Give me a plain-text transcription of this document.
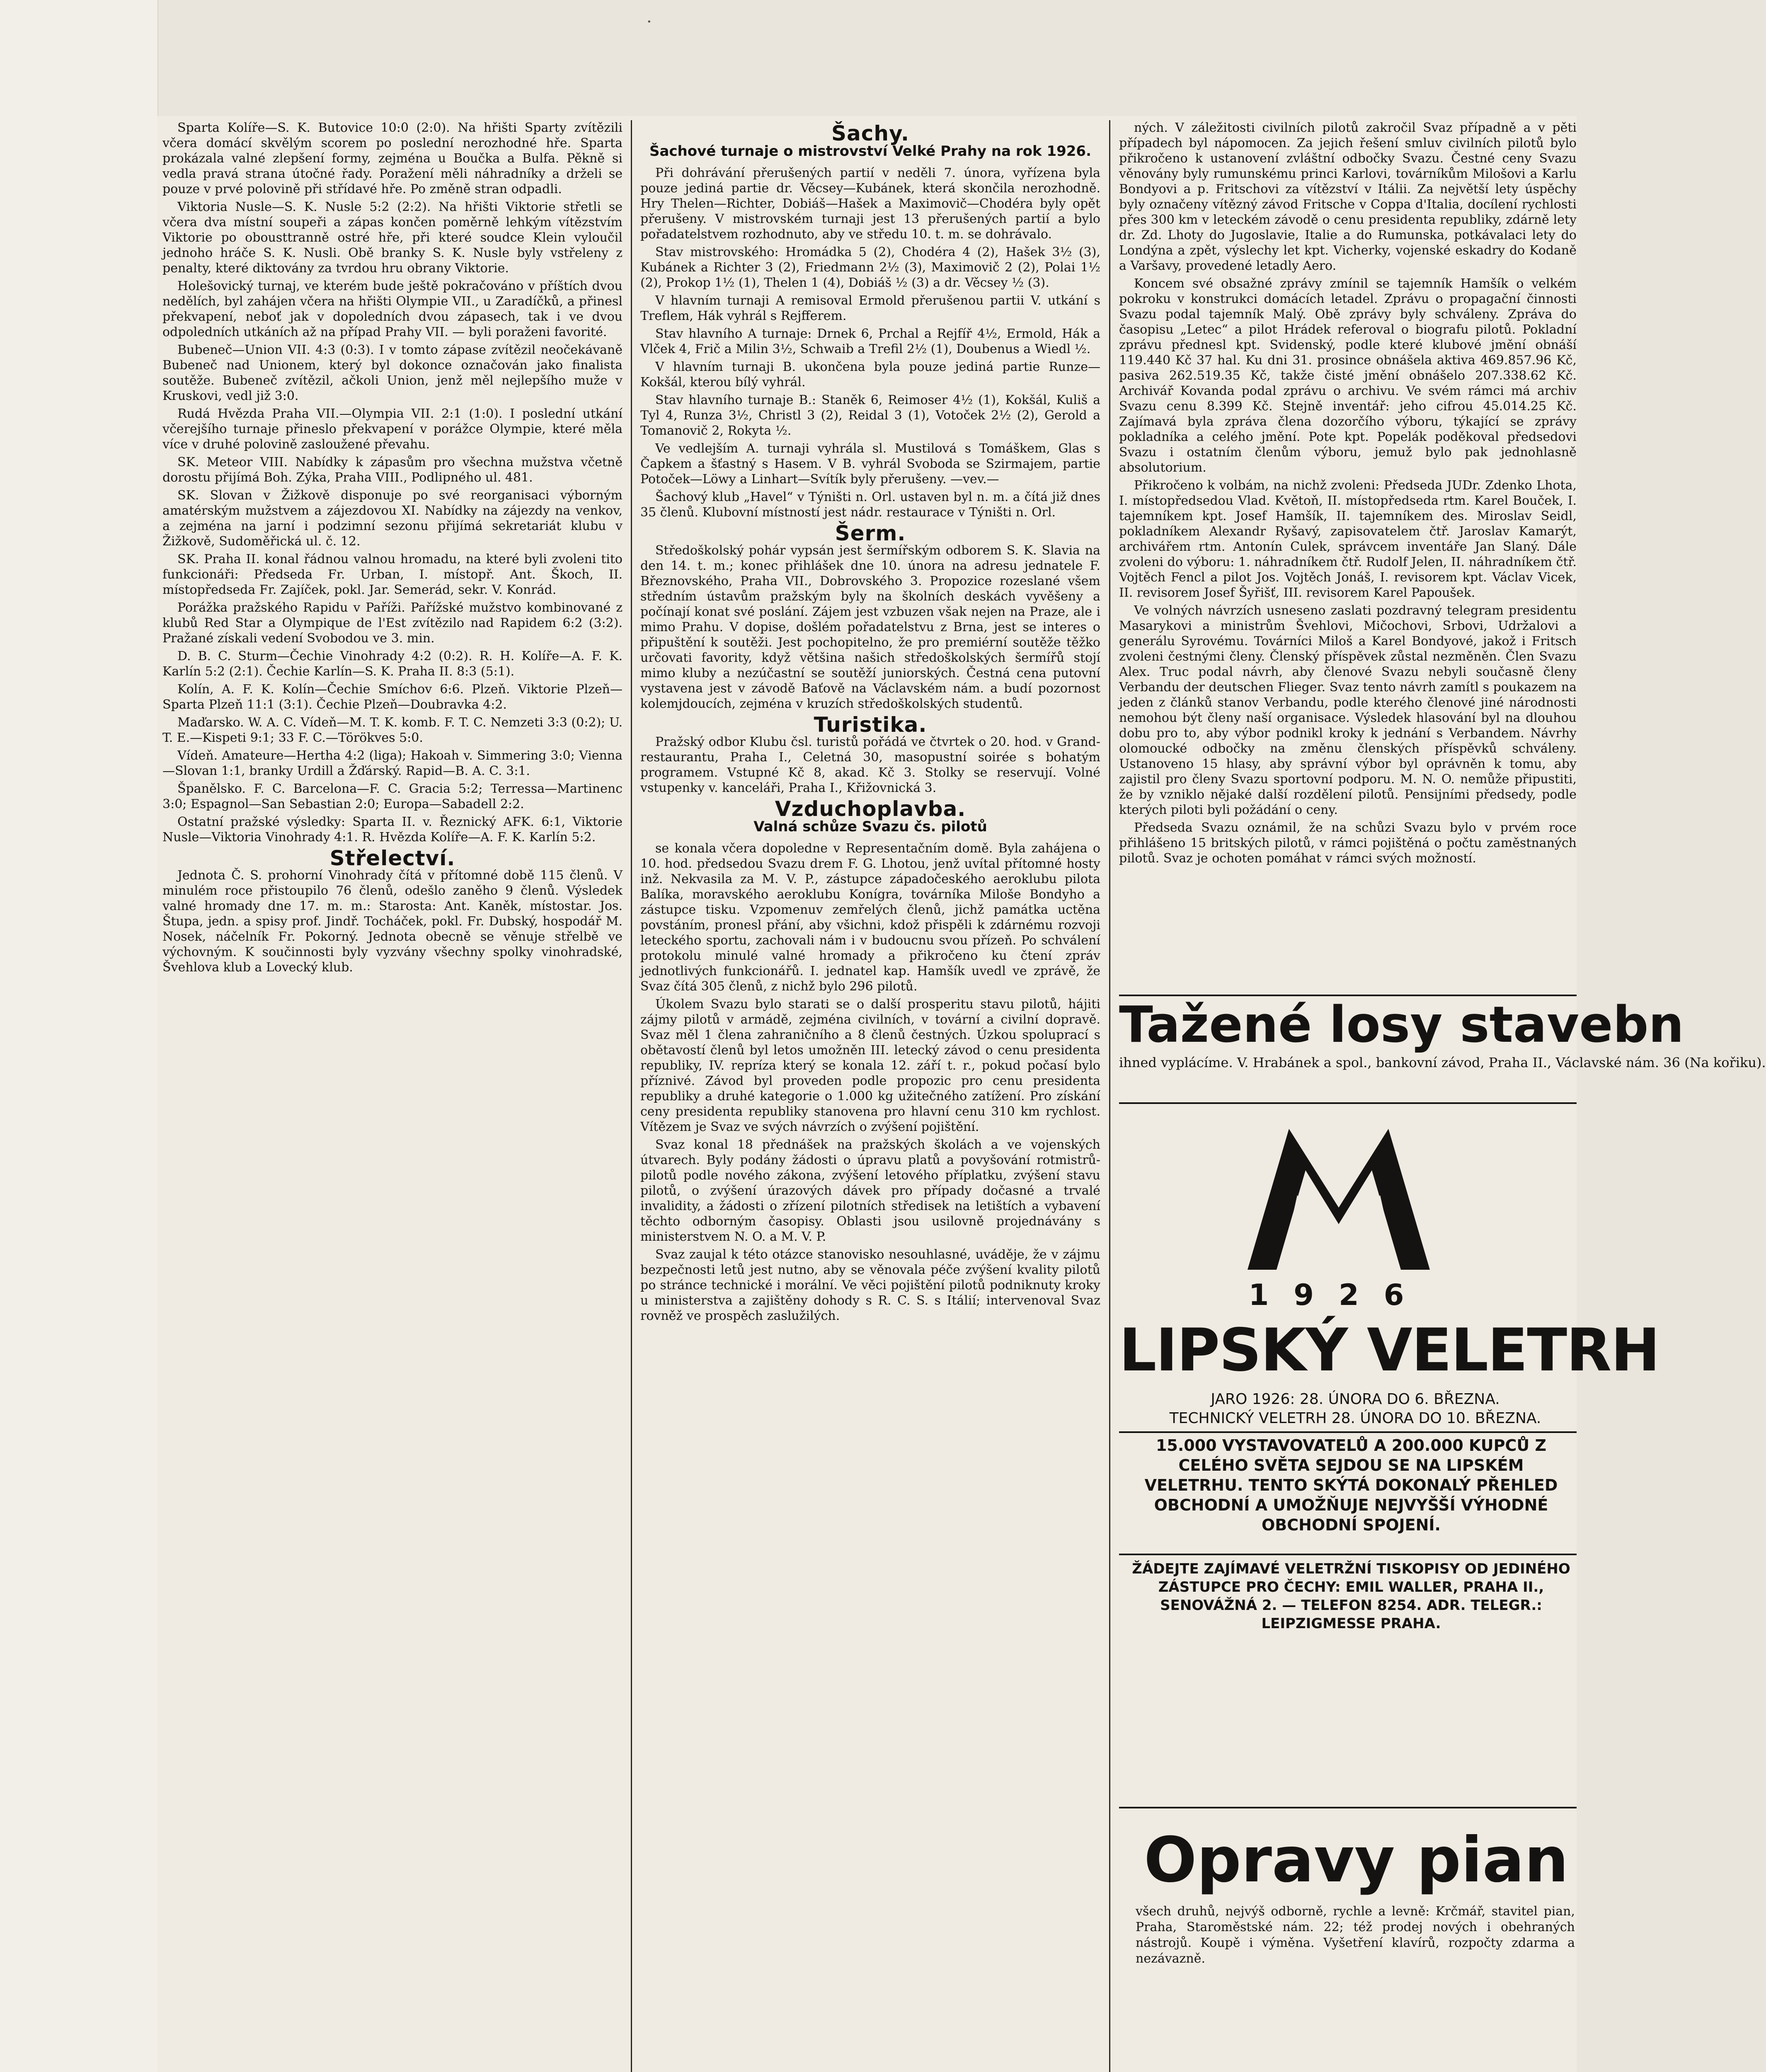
·

Sparta Kolíře—S. K. Butovice 10:0 (2:0). Na hřišti Sparty zvítězili včera domácí skvělým scorem po poslední nerozhodné hře. Sparta prokázala valné zlepšení formy, zejména u Boučka a Bulfa. Pěkně si vedla pravá strana útočné řady. Poražení měli náhradníky a drželi se pouze v prvé polovině při střídavé hře. Po změně stran odpadli.

Viktoria Nusle—S. K. Nusle 5:2 (2:2). Na hřišti Viktorie střetli se včera dva místní soupeři a zápas končen poměrně lehkým vítězstvím Viktorie po obousttranně ostré hře, při které soudce Klein vyloučil jednoho hráče S. K. Nusli. Obě branky S. K. Nusle byly vstřeleny z penalty, které diktovány za tvrdou hru obrany Viktorie.

Holešovický turnaj, ve kterém bude ještě pokračováno v příštích dvou nedělích, byl zahájen včera na hřišti Olympie VII., u Zaradíčků, a přinesl překvapení, neboť jak v dopoledních dvou zápasech, tak i ve dvou odpoledních utkáních až na případ Prahy VII. — byli poraženi favorité.

Bubeneč—Union VII. 4:3 (0:3). I v tomto zápase zvítězil neočekávaně Bubeneč nad Unionem, který byl dokonce označován jako finalista soutěže. Bubeneč zvítězil, ačkoli Union, jenž měl nejlepšího muže v Kruskovi, vedl již 3:0.

Rudá Hvězda Praha VII.—Olympia VII. 2:1 (1:0). I poslední utkání včerejšího turnaje přineslo překvapení v porážce Olympie, které měla více v druhé polovině zasloužené převahu.

SK. Meteor VIII. Nabídky k zápasům pro všechna mužstva včetně dorostu přijímá Boh. Zýka, Praha VIII., Podlipného ul. 481.

SK. Slovan v Žižkově disponuje po své reorganisaci výborným amatérským mužstvem a zájezdovou XI. Nabídky na zájezdy na venkov, a zejména na jarní i podzimní sezonu přijímá sekretariát klubu v Žižkově, Sudoměřická ul. č. 12.

SK. Praha II. konal řádnou valnou hromadu, na které byli zvoleni tito funkcionáři: Předseda Fr. Urban, I. místopř. Ant. Škoch, II. místopředseda Fr. Zajíček, pokl. Jar. Semerád, sekr. V. Konrád.

Porážka pražského Rapidu v Paříži. Pařížské mužstvo kombinované z klubů Red Star a Olympique de l'Est zvítězilo nad Rapidem 6:2 (3:2). Pražané získali vedení Svobodou ve 3. min.

D. B. C. Sturm—Čechie Vinohrady 4:2 (0:2). R. H. Kolíře—A. F. K. Karlín 5:2 (2:1). Čechie Karlín—S. K. Praha II. 8:3 (5:1).

Kolín, A. F. K. Kolín—Čechie Smíchov 6:6. Plzeň. Viktorie Plzeň—Sparta Plzeň 11:1 (3:1). Čechie Plzeň—Doubravka 4:2.

Maďarsko. W. A. C. Vídeň—M. T. K. komb. F. T. C. Nemzeti 3:3 (0:2); U. T. E.—Kispeti 9:1; 33 F. C.—Törökves 5:0.

Vídeň. Amateure—Hertha 4:2 (liga); Hakoah v. Simmering 3:0; Vienna—Slovan 1:1, branky Urdill a Žďárský. Rapid—B. A. C. 3:1.

Španělsko. F. C. Barcelona—F. C. Gracia 5:2; Terressa—Martinenc 3:0; Espagnol—San Sebastian 2:0; Europa—Sabadell 2:2.

Ostatní pražské výsledky: Sparta II. v. Řeznický AFK. 6:1, Viktorie Nusle—Viktoria Vinohrady 4:1. R. Hvězda Kolíře—A. F. K. Karlín 5:2.

Střelectví.

Jednota Č. S. prohorní Vinohrady čítá v přítomné době 115 členů. V minulém roce přistoupilo 76 členů, odešlo zaněho 9 členů. Výsledek valné hromady dne 17. m. m.: Starosta: Ant. Kaněk, místostar. Jos. Štupa, jedn. a spisy prof. Jindř. Tocháček, pokl. Fr. Dubský, hospodář M. Nosek, náčelník Fr. Pokorný. Jednota obecně se věnuje střelbě ve výchovným. K součinnosti byly vyzvány všechny spolky vinohradské, Švehlova klub a Lovecký klub.

Šachy.
Šachové turnaje o mistrovství Velké Prahy na rok 1926.

Při dohrávání přerušených partií v neděli 7. února, vyřízena byla pouze jediná partie dr. Věcsey—Kubánek, která skončila nerozhodně. Hry Thelen—Richter, Dobiáš—Hašek a Maximovič—Chodéra byly opět přerušeny. V mistrovském turnaji jest 13 přerušených partií a bylo pořadatelstvem rozhodnuto, aby ve středu 10. t. m. se dohrávalo.

Stav mistrovského: Hromádka 5 (2), Chodéra 4 (2), Hašek 3½ (3), Kubánek a Richter 3 (2), Friedmann 2½ (3), Maximovič 2 (2), Polai 1½ (2), Prokop 1½ (1), Thelen 1 (4), Dobiáš ½ (3) a dr. Věcsey ½ (3).

V hlavním turnaji A remisoval Ermold přerušenou partii V. utkání s Treflem, Hák vyhrál s Rejfferem.

Stav hlavního A turnaje: Drnek 6, Prchal a Rejfíř 4½, Ermold, Hák a Vlček 4, Frič a Milin 3½, Schwaib a Trefil 2½ (1), Doubenus a Wiedl ½.

V hlavním turnaji B. ukončena byla pouze jediná partie Runze—Kokšál, kterou bílý vyhrál.

Stav hlavního turnaje B.: Staněk 6, Reimoser 4½ (1), Kokšál, Kuliš a Tyl 4, Runza 3½, Christl 3 (2), Reidal 3 (1), Votoček 2½ (2), Gerold a Tomanovič 2, Rokyta ½.

Ve vedlejším A. turnaji vyhrála sl. Mustilová s Tomáškem, Glas s Čapkem a šťastný s Hasem. V B. vyhrál Svoboda se Szirmajem, partie Potoček—Löwy a Linhart—Svítík byly přerušeny. —vev.—

Šachový klub „Havel“ v Týništi n. Orl. ustaven byl n. m. a čítá již dnes 35 členů. Klubovní místností jest nádr. restaurace v Týništi n. Orl.

Šerm.

Středoškolský pohár vypsán jest šermířským odborem S. K. Slavia na den 14. t. m.; konec přihlášek dne 10. února na adresu jednatele F. Březnovského, Praha VII., Dobrovského 3. Propozice rozeslané všem středním ústavům pražským byly na školních deskách vyvěšeny a počínají konat své poslání. Zájem jest vzbuzen však nejen na Praze, ale i mimo Prahu. V dopise, došlém pořadatelstvu z Brna, jest se interes o připuštění k soutěži. Jest pochopitelno, že pro premiérní soutěže těžko určovati favority, když většina našich středoškolských šermířů stojí mimo kluby a nezúčastní se soutěží juniorských. Čestná cena putovní vystavena jest v závodě Baťově na Václavském nám. a budí pozornost kolemjdoucích, zejména v kruzích středoškolských studentů.

Turistika.

Pražský odbor Klubu čsl. turistů pořádá ve čtvrtek o 20. hod. v Grand-restaurantu, Praha I., Celetná 30, masopustní soirée s bohatým programem. Vstupné Kč 8, akad. Kč 3. Stolky se reservují. Volné vstupenky v. kanceláři, Praha I., Křižovnická 3.

Vzduchoplavba.
Valná schůze Svazu čs. pilotů

se konala včera dopoledne v Representačním domě. Byla zahájena o 10. hod. předsedou Svazu drem F. G. Lhotou, jenž uvítal přítomné hosty inž. Nekvasila za M. V. P., zástupce západočeského aeroklubu pilota Balíka, moravského aeroklubu Konígra, továrníka Miloše Bondyho a zástupce tisku. Vzpomenuv zemřelých členů, jichž památka uctěna povstáním, pronesl přání, aby všichni, kdož přispěli k zdárnému rozvoji leteckého sportu, zachovali nám i v budoucnu svou přízeň. Po schválení protokolu minulé valné hromady a přikročeno ku čtení zpráv jednotlivých funkcionářů. I. jednatel kap. Hamšík uvedl ve zprávě, že Svaz čítá 305 členů, z nichž bylo 296 pilotů.

Úkolem Svazu bylo starati se o další prosperitu stavu pilotů, hájiti zájmy pilotů v armádě, zejména civilních, v tovární a civilní dopravě. Svaz měl 1 člena zahraničního a 8 členů čestných. Úzkou spoluprací s obětavostí členů byl letos umožněn III. letecký závod o cenu presidenta republiky, IV. repríza který se konala 12. září t. r., pokud počasí bylo příznivé. Závod byl proveden podle propozic pro cenu presidenta republiky a druhé kategorie o 1.000 kg užitečného zatížení. Pro získání ceny presidenta republiky stanovena pro hlavní cenu 310 km rychlost. Vítězem je Svaz ve svých návrzích o zvýšení pojištění.

Svaz konal 18 přednášek na pražských školách a ve vojenských útvarech. Byly podány žádosti o úpravu platů a povyšování rotmistrů-pilotů podle nového zákona, zvýšení letového příplatku, zvýšení stavu pilotů, o zvýšení úrazových dávek pro případy dočasné a trvalé invalidity, a žádosti o zřízení pilotních středisek na letištích a vybavení těchto odborným časopisy. Oblasti jsou usilovně projednávány s ministerstvem N. O. a M. V. P.

Svaz zaujal k této otázce stanovisko nesouhlasné, uváděje, že v zájmu bezpečnosti letů jest nutno, aby se věnovala péče zvýšení kvality pilotů po stránce technické i morální. Ve věci pojištění pilotů podniknuty kroky u ministerstva a zajištěny dohody s R. C. S. s Itálií; intervenoval Svaz rovněž ve prospěch zaslužilých.

ných. V záležitosti civilních pilotů zakročil Svaz případně a v pěti případech byl nápomocen. Za jejich řešení smluv civilních pilotů bylo přikročeno k ustanovení zvláštní odbočky Svazu. Čestné ceny Svazu věnovány byly rumunskému princi Karlovi, továrníkům Milošovi a Karlu Bondyovi a p. Fritschovi za vítězství v Itálii. Za největší lety úspěchy byly označeny vítězný závod Fritsche v Coppa d'Italia, docílení rychlosti přes 300 km v leteckém závodě o cenu presidenta republiky, zdárně lety dr. Zd. Lhoty do Jugoslavie, Italie a do Rumunska, potkávalaci lety do Londýna a zpět, výslechy let kpt. Vicherky, vojenské eskadry do Kodaně a Varšavy, provedené letadly Aero.

Koncem své obsažné zprávy zmínil se tajemník Hamšík o velkém pokroku v konstrukci domácích letadel. Zprávu o propagační činnosti Svazu podal tajemník Malý. Obě zprávy byly schváleny. Zpráva do časopisu „Letec“ a pilot Hrádek referoval o biografu pilotů. Pokladní zprávu přednesl kpt. Svidenský, podle které klubové jmění obnáší 119.440 Kč 37 hal. Ku dni 31. prosince obnášela aktiva 469.857.96 Kč, pasiva 262.519.35 Kč, takže čisté jmění obnášelo 207.338.62 Kč. Archivář Kovanda podal zprávu o archivu. Ve svém rámci má archiv Svazu cenu 8.399 Kč. Stejně inventář: jeho cifrou 45.014.25 Kč. Zajímavá byla zpráva člena dozorčího výboru, týkající se zprávy pokladníka a celého jmění. Pote kpt. Popelák poděkoval předsedovi Svazu i ostatním členům výboru, jemuž bylo pak jednohlasně absolutorium.

Přikročeno k volbám, na nichž zvoleni: Předseda JUDr. Zdenko Lhota, I. místopředsedou Vlad. Květoň, II. místopředseda rtm. Karel Bouček, I. tajemníkem kpt. Josef Hamšík, II. tajemníkem des. Miroslav Seidl, pokladníkem Alexandr Ryšavý, zapisovatelem čtř. Jaroslav Kamarýt, archivářem rtm. Antonín Culek, správcem inventáře Jan Slaný. Dále zvoleni do výboru: 1. náhradníkem čtř. Rudolf Jelen, II. náhradníkem čtř. Vojtěch Fencl a pilot Jos. Vojtěch Jonáš, I. revisorem kpt. Václav Vicek, II. revisorem Josef Šyřišť, III. revisorem Karel Papoušek.

Ve volných návrzích usneseno zaslati pozdravný telegram presidentu Masarykovi a ministrům Švehlovi, Mičochovi, Srbovi, Udržalovi a generálu Syrovému. Továrníci Miloš a Karel Bondyové, jakož i Fritsch zvoleni čestnými členy. Členský příspěvek zůstal nezměněn. Člen Svazu Alex. Truc podal návrh, aby členové Svazu nebyli současně členy Verbandu der deutschen Flieger. Svaz tento návrh zamítl s poukazem na jeden z článků stanov Verbandu, podle kterého členové jiné národnosti nemohou být členy naší organisace. Výsledek hlasování byl na dlouhou dobu pro to, aby výbor podnikl kroky k jednání s Verbandem. Návrhy olomoucké odbočky na změnu členských příspěvků schváleny. Ustanoveno 15 hlasy, aby správní výbor byl oprávněn k tomu, aby zajistil pro členy Svazu sportovní podporu. M. N. O. nemůže připustiti, že by vzniklo nějaké další rozdělení pilotů. Pensijními předsedy, podle kterých piloti byli požádání o ceny.

Předseda Svazu oznámil, že na schůzi Svazu bylo v prvém roce přihlášeno 15 britských pilotů, v rámci pojištěná o počtu zaměstnaných pilotů. Svaz je ochoten pomáhat v rámci svých možností.

Tažené losy stavebn
ihned vyplácíme. V. Hrabánek a spol., bankovní závod, Praha II., Václavské nám. 36 (Na kořiku).
1926
LIPSKÝ VELETRH
JARO 1926: 28. ÚNORA DO 6. BŘEZNA.
TECHNICKÝ VELETRH 28. ÚNORA DO 10. BŘEZNA.
15.000 VYSTAVOVATELŮ A 200.000 KUPCŮ Z CELÉHO SVĚTA SEJDOU SE NA LIPSKÉM VELETRHU. TENTO SKÝTÁ DOKONALÝ PŘEHLED OBCHODNÍ A UMOŽŇUJE NEJVYŠŠÍ VÝHODNÉ OBCHODNÍ SPOJENÍ.
ŽÁDEJTE ZAJÍMAVÉ VELETRŽNÍ TISKOPISY OD JEDINÉHO ZÁSTUPCE PRO ČECHY: EMIL WALLER, PRAHA II., SENOVÁŽNÁ 2. — TELEFON 8254. ADR. TELEGR.: LEIPZIGMESSE PRAHA.
Opravy pian
všech druhů, nejvýš odborně, rychle a levně: Krčmář, stavitel pian, Praha, Staroměstské nám. 22; též prodej nových i obehraných nástrojů. Koupě i výměna. Vyšetření klavírů, rozpočty zdarma a nezávazně.
